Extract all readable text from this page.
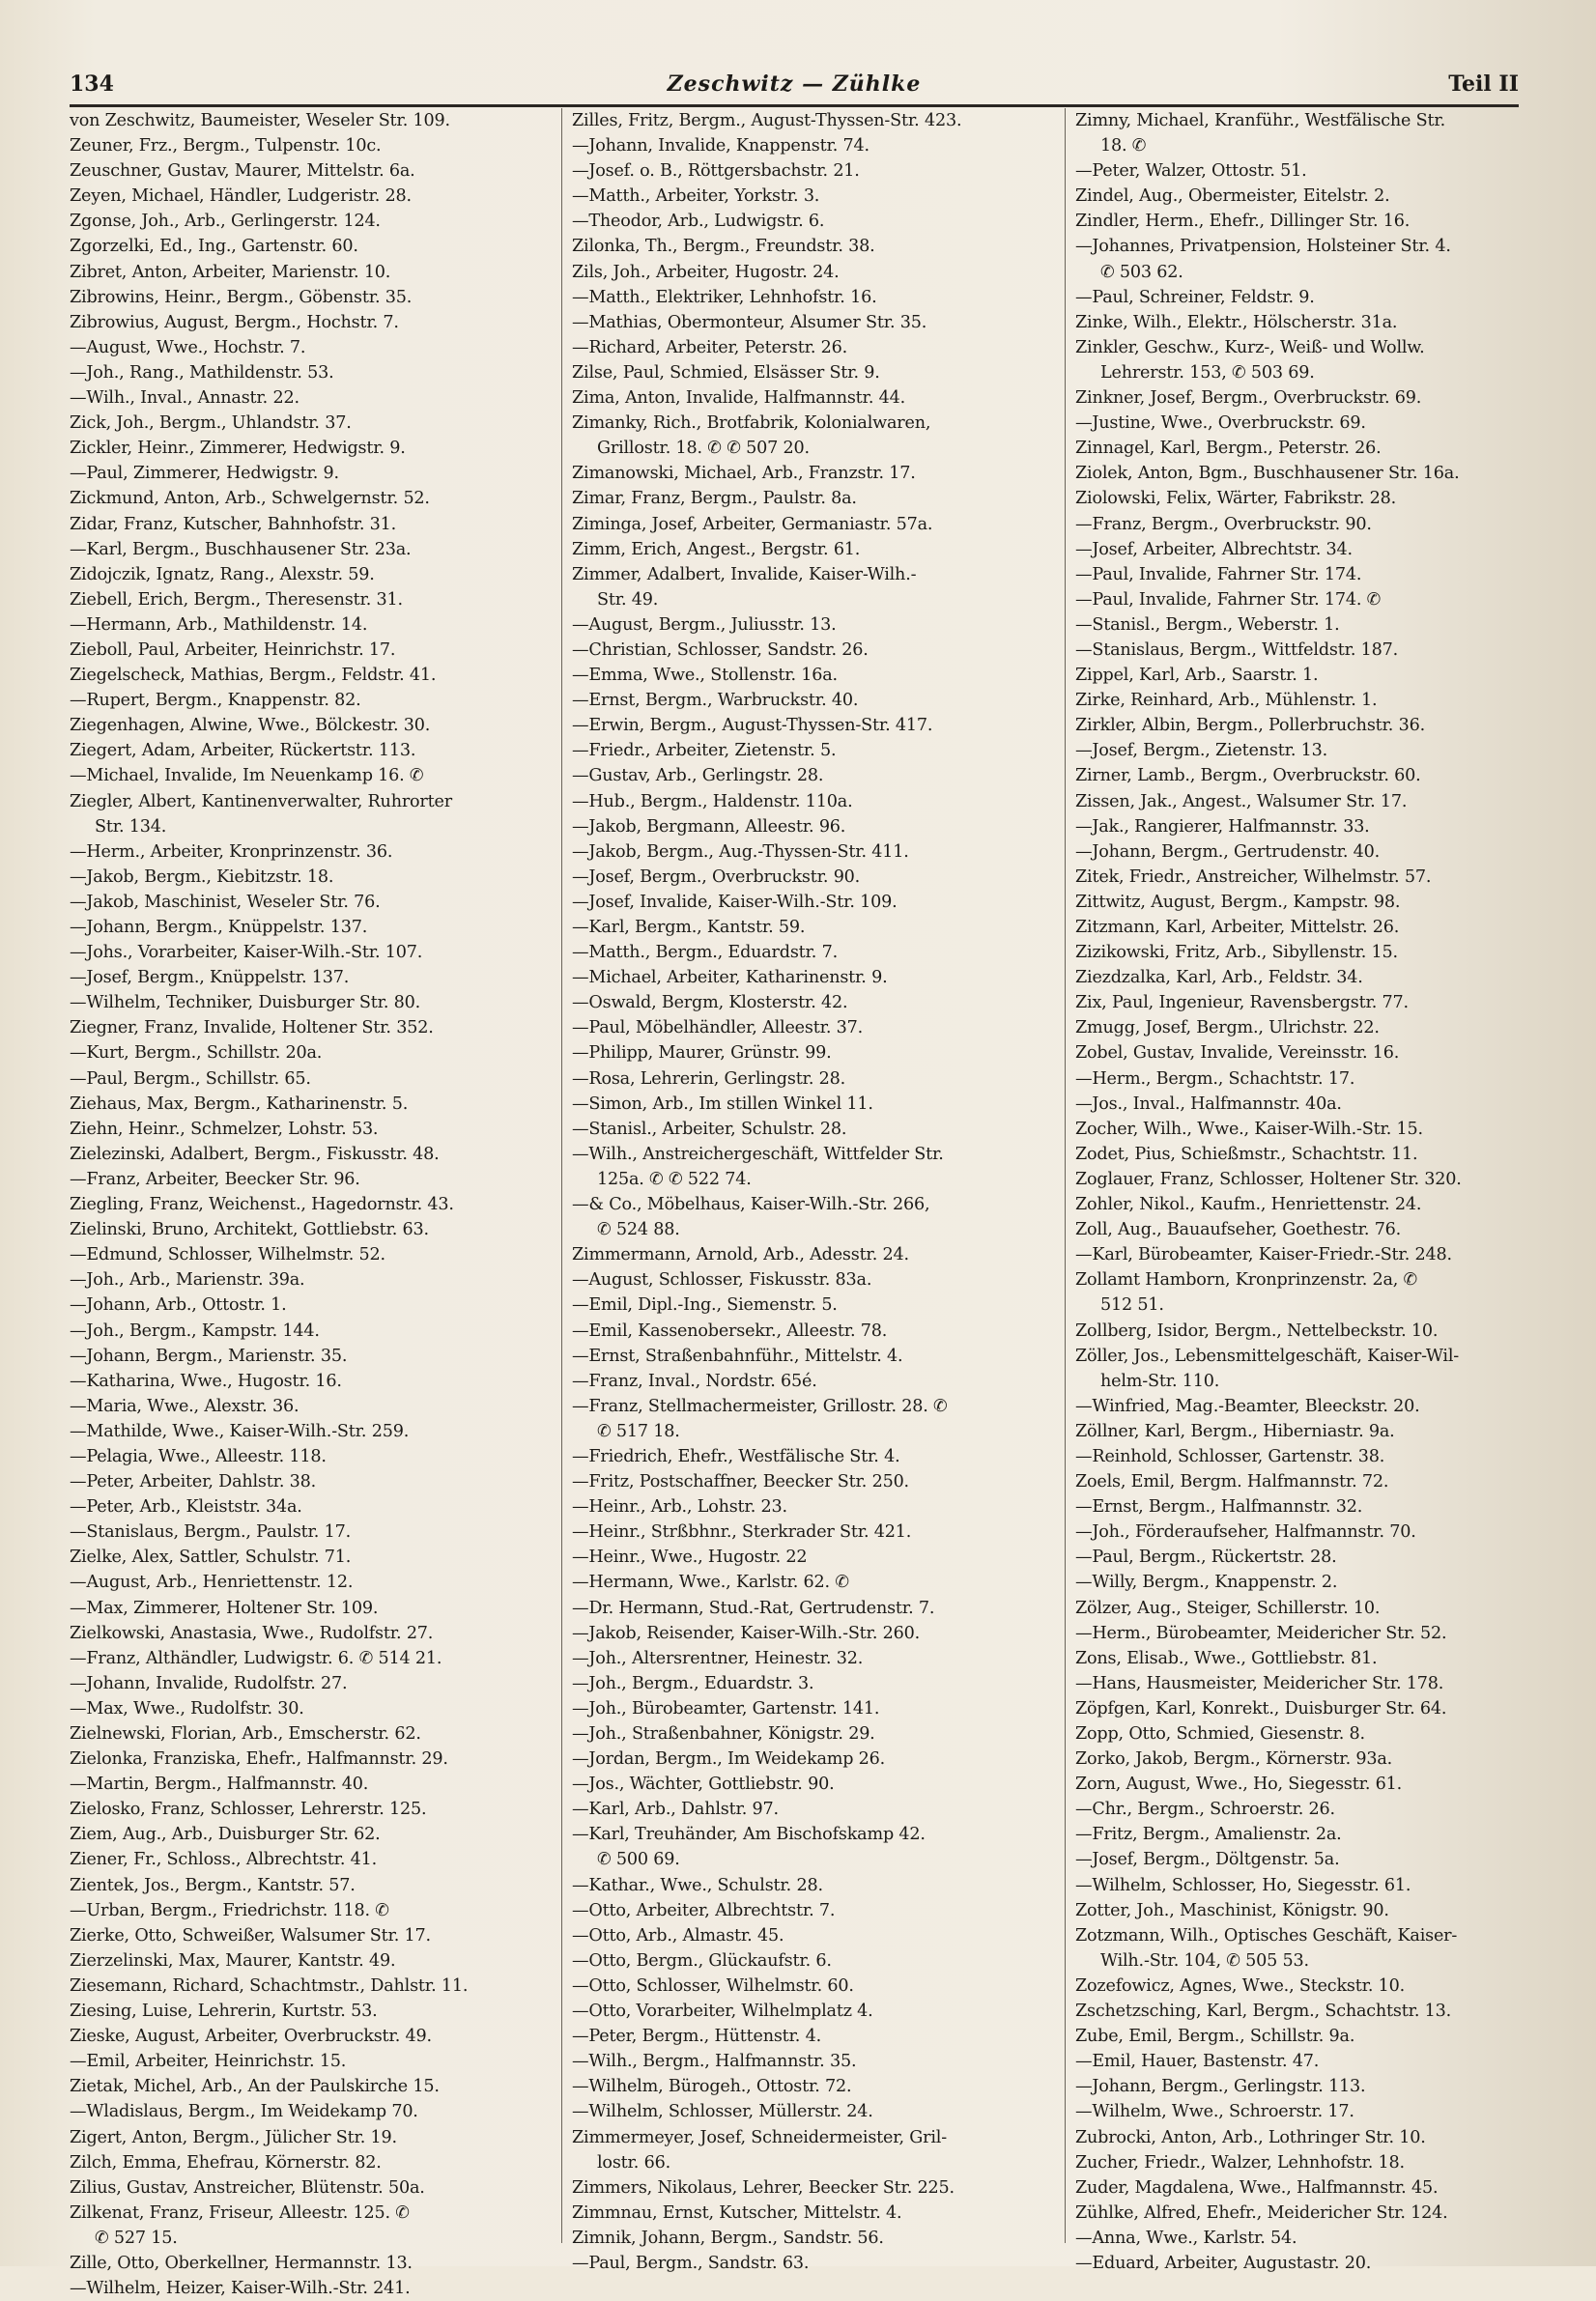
134	Zeschwitz — Zühlke	Teil II
von Zeschwitz, Baumeister, Weseler Str. 109.
Zeuner, Frz., Bergm., Tulpenstr. 10c.
Zeuschner, Gustav, Maurer, Mittelstr. 6a.
Zeyen, Michael, Händler, Ludgeristr. 28.
Zgonse, Joh., Arb., Gerlingerstr. 124.
Zgorzelki, Ed., Ing., Gartenstr. 60.
Zibret, Anton, Arbeiter, Marienstr. 10.
Zibrowins, Heinr., Bergm., Göbenstr. 35.
Zibrowius, August, Bergm., Hochstr. 7.
—August, Wwe., Hochstr. 7.
—Joh., Rang., Mathildenstr. 53.
—Wilh., Inval., Annastr. 22.
Zick, Joh., Bergm., Uhlandstr. 37.
Zickler, Heinr., Zimmerer, Hedwigstr. 9.
—Paul, Zimmerer, Hedwigstr. 9.
Zickmund, Anton, Arb., Schwelgernstr. 52.
Zidar, Franz, Kutscher, Bahnhofstr. 31.
—Karl, Bergm., Buschhausener Str. 23a.
Zidojczik, Ignatz, Rang., Alexstr. 59.
Ziebell, Erich, Bergm., Theresenstr. 31.
—Hermann, Arb., Mathildenstr. 14.
Zieboll, Paul, Arbeiter, Heinrichstr. 17.
Ziegelscheck, Mathias, Bergm., Feldstr. 41.
—Rupert, Bergm., Knappenstr. 82.
Ziegenhagen, Alwine, Wwe., Bölckestr. 30.
Ziegert, Adam, Arbeiter, Rückertstr. 113.
—Michael, Invalide, Im Neuenkamp 16. ✆
Ziegler, Albert, Kantinenverwalter, Ruhrorter
Str. 134.
—Herm., Arbeiter, Kronprinzenstr. 36.
—Jakob, Bergm., Kiebitzstr. 18.
—Jakob, Maschinist, Weseler Str. 76.
—Johann, Bergm., Knüppelstr. 137.
—Johs., Vorarbeiter, Kaiser-Wilh.-Str. 107.
—Josef, Bergm., Knüppelstr. 137.
—Wilhelm, Techniker, Duisburger Str. 80.
Ziegner, Franz, Invalide, Holtener Str. 352.
—Kurt, Bergm., Schillstr. 20a.
—Paul, Bergm., Schillstr. 65.
Ziehaus, Max, Bergm., Katharinenstr. 5.
Ziehn, Heinr., Schmelzer, Lohstr. 53.
Zielezinski, Adalbert, Bergm., Fiskusstr. 48.
—Franz, Arbeiter, Beecker Str. 96.
Ziegling, Franz, Weichenst., Hagedornstr. 43.
Zielinski, Bruno, Architekt, Gottliebstr. 63.
—Edmund, Schlosser, Wilhelmstr. 52.
—Joh., Arb., Marienstr. 39a.
—Johann, Arb., Ottostr. 1.
—Joh., Bergm., Kampstr. 144.
—Johann, Bergm., Marienstr. 35.
—Katharina, Wwe., Hugostr. 16.
—Maria, Wwe., Alexstr. 36.
—Mathilde, Wwe., Kaiser-Wilh.-Str. 259.
—Pelagia, Wwe., Alleestr. 118.
—Peter, Arbeiter, Dahlstr. 38.
—Peter, Arb., Kleiststr. 34a.
—Stanislaus, Bergm., Paulstr. 17.
Zielke, Alex, Sattler, Schulstr. 71.
—August, Arb., Henriettenstr. 12.
—Max, Zimmerer, Holtener Str. 109.
Zielkowski, Anastasia, Wwe., Rudolfstr. 27.
—Franz, Althändler, Ludwigstr. 6. ✆ 514 21.
—Johann, Invalide, Rudolfstr. 27.
—Max, Wwe., Rudolfstr. 30.
Zielnewski, Florian, Arb., Emscherstr. 62.
Zielonka, Franziska, Ehefr., Halfmannstr. 29.
—Martin, Bergm., Halfmannstr. 40.
Zielosko, Franz, Schlosser, Lehrerstr. 125.
Ziem, Aug., Arb., Duisburger Str. 62.
Ziener, Fr., Schloss., Albrechtstr. 41.
Zientek, Jos., Bergm., Kantstr. 57.
—Urban, Bergm., Friedrichstr. 118. ✆
Zierke, Otto, Schweißer, Walsumer Str. 17.
Zierzelinski, Max, Maurer, Kantstr. 49.
Ziesemann, Richard, Schachtmstr., Dahlstr. 11.
Ziesing, Luise, Lehrerin, Kurtstr. 53.
Zieske, August, Arbeiter, Overbruckstr. 49.
—Emil, Arbeiter, Heinrichstr. 15.
Zietak, Michel, Arb., An der Paulskirche 15.
—Wladislaus, Bergm., Im Weidekamp 70.
Zigert, Anton, Bergm., Jülicher Str. 19.
Zilch, Emma, Ehefrau, Körnerstr. 82.
Zilius, Gustav, Anstreicher, Blütenstr. 50a.
Zilkenat, Franz, Friseur, Alleestr. 125. ✆
✆ 527 15.
Zille, Otto, Oberkellner, Hermannstr. 13.
—Wilhelm, Heizer, Kaiser-Wilh.-Str. 241.
Zilles, Fritz, Bergm., August-Thyssen-Str. 423.
—Johann, Invalide, Knappenstr. 74.
—Josef. o. B., Röttgersbachstr. 21.
—Matth., Arbeiter, Yorkstr. 3.
—Theodor, Arb., Ludwigstr. 6.
Zilonka, Th., Bergm., Freundstr. 38.
Zils, Joh., Arbeiter, Hugostr. 24.
—Matth., Elektriker, Lehnhofstr. 16.
—Mathias, Obermonteur, Alsumer Str. 35.
—Richard, Arbeiter, Peterstr. 26.
Zilse, Paul, Schmied, Elsässer Str. 9.
Zima, Anton, Invalide, Halfmannstr. 44.
Zimanky, Rich., Brotfabrik, Kolonialwaren,
Grillostr. 18. ✆ ✆ 507 20.
Zimanowski, Michael, Arb., Franzstr. 17.
Zimar, Franz, Bergm., Paulstr. 8a.
Ziminga, Josef, Arbeiter, Germaniastr. 57a.
Zimm, Erich, Angest., Bergstr. 61.
Zimmer, Adalbert, Invalide, Kaiser-Wilh.-
Str. 49.
—August, Bergm., Juliusstr. 13.
—Christian, Schlosser, Sandstr. 26.
—Emma, Wwe., Stollenstr. 16a.
—Ernst, Bergm., Warbruckstr. 40.
—Erwin, Bergm., August-Thyssen-Str. 417.
—Friedr., Arbeiter, Zietenstr. 5.
—Gustav, Arb., Gerlingstr. 28.
—Hub., Bergm., Haldenstr. 110a.
—Jakob, Bergmann, Alleestr. 96.
—Jakob, Bergm., Aug.-Thyssen-Str. 411.
—Josef, Bergm., Overbruckstr. 90.
—Josef, Invalide, Kaiser-Wilh.-Str. 109.
—Karl, Bergm., Kantstr. 59.
—Matth., Bergm., Eduardstr. 7.
—Michael, Arbeiter, Katharinenstr. 9.
—Oswald, Bergm, Klosterstr. 42.
—Paul, Möbelhändler, Alleestr. 37.
—Philipp, Maurer, Grünstr. 99.
—Rosa, Lehrerin, Gerlingstr. 28.
—Simon, Arb., Im stillen Winkel 11.
—Stanisl., Arbeiter, Schulstr. 28.
—Wilh., Anstreichergeschäft, Wittfelder Str.
125a. ✆ ✆ 522 74.
—& Co., Möbelhaus, Kaiser-Wilh.-Str. 266,
✆ 524 88.
Zimmermann, Arnold, Arb., Adesstr. 24.
—August, Schlosser, Fiskusstr. 83a.
—Emil, Dipl.-Ing., Siemenstr. 5.
—Emil, Kassenobersekr., Alleestr. 78.
—Ernst, Straßenbahnführ., Mittelstr. 4.
—Franz, Inval., Nordstr. 65é.
—Franz, Stellmachermeister, Grillostr. 28. ✆
✆ 517 18.
—Friedrich, Ehefr., Westfälische Str. 4.
—Fritz, Postschaffner, Beecker Str. 250.
—Heinr., Arb., Lohstr. 23.
—Heinr., Strßbhnr., Sterkrader Str. 421.
—Heinr., Wwe., Hugostr. 22
—Hermann, Wwe., Karlstr. 62. ✆
—Dr. Hermann, Stud.-Rat, Gertrudenstr. 7.
—Jakob, Reisender, Kaiser-Wilh.-Str. 260.
—Joh., Altersrentner, Heinestr. 32.
—Joh., Bergm., Eduardstr. 3.
—Joh., Bürobeamter, Gartenstr. 141.
—Joh., Straßenbahner, Königstr. 29.
—Jordan, Bergm., Im Weidekamp 26.
—Jos., Wächter, Gottliebstr. 90.
—Karl, Arb., Dahlstr. 97.
—Karl, Treuhänder, Am Bischofskamp 42.
✆ 500 69.
—Kathar., Wwe., Schulstr. 28.
—Otto, Arbeiter, Albrechtstr. 7.
—Otto, Arb., Almastr. 45.
—Otto, Bergm., Glückaufstr. 6.
—Otto, Schlosser, Wilhelmstr. 60.
—Otto, Vorarbeiter, Wilhelmplatz 4.
—Peter, Bergm., Hüttenstr. 4.
—Wilh., Bergm., Halfmannstr. 35.
—Wilhelm, Bürogeh., Ottostr. 72.
—Wilhelm, Schlosser, Müllerstr. 24.
Zimmermeyer, Josef, Schneidermeister, Gril-
lostr. 66.
Zimmers, Nikolaus, Lehrer, Beecker Str. 225.
Zimmnau, Ernst, Kutscher, Mittelstr. 4.
Zimnik, Johann, Bergm., Sandstr. 56.
—Paul, Bergm., Sandstr. 63.
Zimny, Michael, Kranführ., Westfälische Str.
18. ✆
—Peter, Walzer, Ottostr. 51.
Zindel, Aug., Obermeister, Eitelstr. 2.
Zindler, Herm., Ehefr., Dillinger Str. 16.
—Johannes, Privatpension, Holsteiner Str. 4.
✆ 503 62.
—Paul, Schreiner, Feldstr. 9.
Zinke, Wilh., Elektr., Hölscherstr. 31a.
Zinkler, Geschw., Kurz-, Weiß- und Wollw.
Lehrerstr. 153, ✆ 503 69.
Zinkner, Josef, Bergm., Overbruckstr. 69.
—Justine, Wwe., Overbruckstr. 69.
Zinnagel, Karl, Bergm., Peterstr. 26.
Ziolek, Anton, Bgm., Buschhausener Str. 16a.
Ziolowski, Felix, Wärter, Fabrikstr. 28.
—Franz, Bergm., Overbruckstr. 90.
—Josef, Arbeiter, Albrechtstr. 34.
—Paul, Invalide, Fahrner Str. 174.
—Paul, Invalide, Fahrner Str. 174. ✆
—Stanisl., Bergm., Weberstr. 1.
—Stanislaus, Bergm., Wittfeldstr. 187.
Zippel, Karl, Arb., Saarstr. 1.
Zirke, Reinhard, Arb., Mühlenstr. 1.
Zirkler, Albin, Bergm., Pollerbruchstr. 36.
—Josef, Bergm., Zietenstr. 13.
Zirner, Lamb., Bergm., Overbruckstr. 60.
Zissen, Jak., Angest., Walsumer Str. 17.
—Jak., Rangierer, Halfmannstr. 33.
—Johann, Bergm., Gertrudenstr. 40.
Zitek, Friedr., Anstreicher, Wilhelmstr. 57.
Zittwitz, August, Bergm., Kampstr. 98.
Zitzmann, Karl, Arbeiter, Mittelstr. 26.
Zizikowski, Fritz, Arb., Sibyllenstr. 15.
Ziezdzalka, Karl, Arb., Feldstr. 34.
Zix, Paul, Ingenieur, Ravensbergstr. 77.
Zmugg, Josef, Bergm., Ulrichstr. 22.
Zobel, Gustav, Invalide, Vereinsstr. 16.
—Herm., Bergm., Schachtstr. 17.
—Jos., Inval., Halfmannstr. 40a.
Zocher, Wilh., Wwe., Kaiser-Wilh.-Str. 15.
Zodet, Pius, Schießmstr., Schachtstr. 11.
Zoglauer, Franz, Schlosser, Holtener Str. 320.
Zohler, Nikol., Kaufm., Henriettenstr. 24.
Zoll, Aug., Bauaufseher, Goethestr. 76.
—Karl, Bürobeamter, Kaiser-Friedr.-Str. 248.
Zollamt Hamborn, Kronprinzenstr. 2a, ✆
512 51.
Zollberg, Isidor, Bergm., Nettelbeckstr. 10.
Zöller, Jos., Lebensmittelgeschäft, Kaiser-Wil-
helm-Str. 110.
—Winfried, Mag.-Beamter, Bleeckstr. 20.
Zöllner, Karl, Bergm., Hiberniastr. 9a.
—Reinhold, Schlosser, Gartenstr. 38.
Zoels, Emil, Bergm. Halfmannstr. 72.
—Ernst, Bergm., Halfmannstr. 32.
—Joh., Förderaufseher, Halfmannstr. 70.
—Paul, Bergm., Rückertstr. 28.
—Willy, Bergm., Knappenstr. 2.
Zölzer, Aug., Steiger, Schillerstr. 10.
—Herm., Bürobeamter, Meidericher Str. 52.
Zons, Elisab., Wwe., Gottliebstr. 81.
—Hans, Hausmeister, Meidericher Str. 178.
Zöpfgen, Karl, Konrekt., Duisburger Str. 64.
Zopp, Otto, Schmied, Giesenstr. 8.
Zorko, Jakob, Bergm., Körnerstr. 93a.
Zorn, August, Wwe., Ho, Siegesstr. 61.
—Chr., Bergm., Schroerstr. 26.
—Fritz, Bergm., Amalienstr. 2a.
—Josef, Bergm., Döltgenstr. 5a.
—Wilhelm, Schlosser, Ho, Siegesstr. 61.
Zotter, Joh., Maschinist, Königstr. 90.
Zotzmann, Wilh., Optisches Geschäft, Kaiser-
Wilh.-Str. 104, ✆ 505 53.
Zozefowicz, Agnes, Wwe., Steckstr. 10.
Zschetzsching, Karl, Bergm., Schachtstr. 13.
Zube, Emil, Bergm., Schillstr. 9a.
—Emil, Hauer, Bastenstr. 47.
—Johann, Bergm., Gerlingstr. 113.
—Wilhelm, Wwe., Schroerstr. 17.
Zubrocki, Anton, Arb., Lothringer Str. 10.
Zucher, Friedr., Walzer, Lehnhofstr. 18.
Zuder, Magdalena, Wwe., Halfmannstr. 45.
Zühlke, Alfred, Ehefr., Meidericher Str. 124.
—Anna, Wwe., Karlstr. 54.
—Eduard, Arbeiter, Augustastr. 20.
